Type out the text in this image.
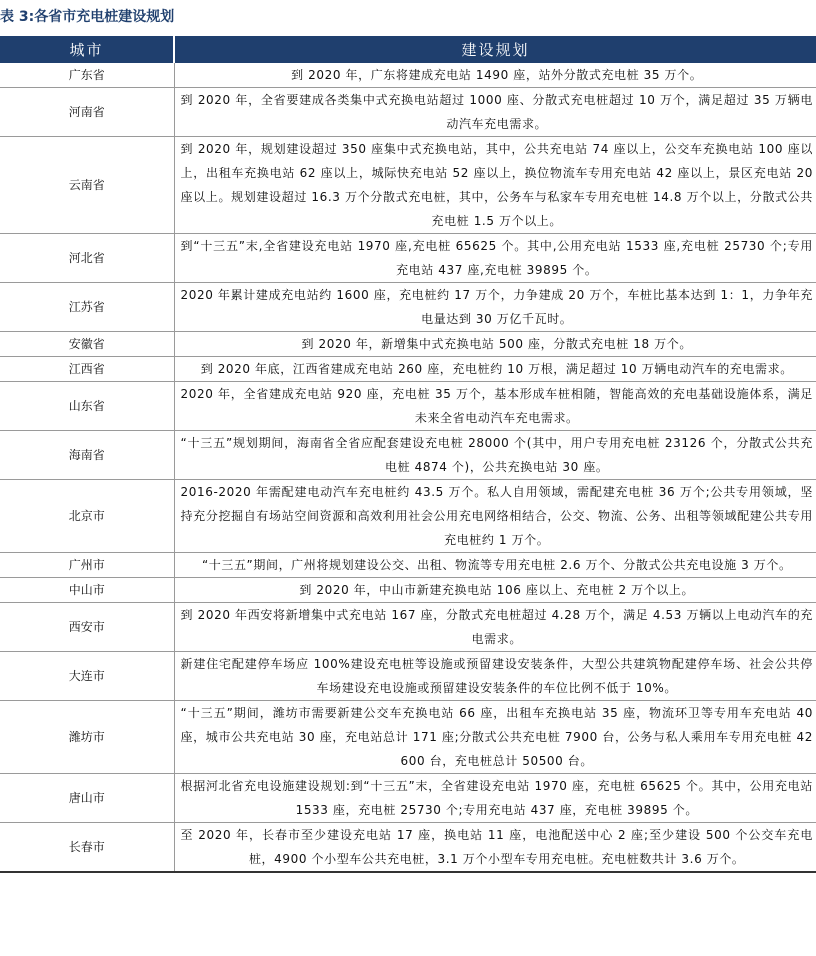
表 3:各省市充电桩建设规划
城市	建设规划
广东省	到 2020 年，广东将建成充电站 1490 座，站外分散式充电桩 35 万个。
河南省	到 2020 年，全省要建成各类集中式充换电站超过 1000 座、分散式充电桩超过 10 万个，满足超过 35 万辆电动汽车充电需求。
云南省	到 2020 年，规划建设超过 350 座集中式充换电站，其中，公共充电站 74 座以上，公交车充换电站 100 座以上，出租车充换电站 62 座以上，城际快充电站 52 座以上，换位物流车专用充电站 42 座以上，景区充电站 20 座以上。规划建设超过 16.3 万个分散式充电桩，其中，公务车与私家车专用充电桩 14.8 万个以上，分散式公共充电桩 1.5 万个以上。
河北省	到“十三五”末,全省建设充电站 1970 座,充电桩 65625 个。其中,公用充电站 1533 座,充电桩 25730 个;专用充电站 437 座,充电桩 39895 个。
江苏省	2020 年累计建成充电站约 1600 座，充电桩约 17 万个，力争建成 20 万个，车桩比基本达到 1：1，力争年充电量达到 30 万亿千瓦时。
安徽省	到 2020 年，新增集中式充换电站 500 座，分散式充电桩 18 万个。
江西省	到 2020 年底，江西省建成充电站 260 座，充电桩约 10 万根，满足超过 10 万辆电动汽车的充电需求。
山东省	2020 年，全省建成充电站 920 座，充电桩 35 万个，基本形成车桩相随，智能高效的充电基础设施体系，满足未来全省电动汽车充电需求。
海南省	“十三五”规划期间，海南省全省应配套建设充电桩 28000 个(其中，用户专用充电桩 23126 个，分散式公共充电桩 4874 个)，公共充换电站 30 座。
北京市	2016-2020 年需配建电动汽车充电桩约 43.5 万个。私人自用领域，需配建充电桩 36 万个;公共专用领域，坚持充分挖掘自有场站空间资源和高效利用社会公用充电网络相结合，公交、物流、公务、出租等领域配建公共专用充电桩约 1 万个。
广州市	“十三五”期间，广州将规划建设公交、出租、物流等专用充电桩 2.6 万个、分散式公共充电设施 3 万个。
中山市	到 2020 年，中山市新建充换电站 106 座以上、充电桩 2 万个以上。
西安市	到 2020 年西安将新增集中式充电站 167 座，分散式充电桩超过 4.28 万个，满足 4.53 万辆以上电动汽车的充电需求。
大连市	新建住宅配建停车场应 100%建设充电桩等设施或预留建设安装条件，大型公共建筑物配建停车场、社会公共停车场建设充电设施或预留建设安装条件的车位比例不低于 10%。
潍坊市	“十三五”期间，潍坊市需要新建公交车充换电站 66 座，出租车充换电站 35 座，物流环卫等专用车充电站 40 座，城市公共充电站 30 座，充电站总计 171 座;分散式公共充电桩 7900 台，公务与私人乘用车专用充电桩 42600 台，充电桩总计 50500 台。
唐山市	根据河北省充电设施建设规划:到“十三五”末，全省建设充电站 1970 座，充电桩 65625 个。其中，公用充电站 1533 座，充电桩 25730 个;专用充电站 437 座，充电桩 39895 个。
长春市	至 2020 年，长春市至少建设充电站 17 座，换电站 11 座，电池配送中心 2 座;至少建设 500 个公交车充电桩，4900 个小型车公共充电桩，3.1 万个小型车专用充电桩。充电桩数共计 3.6 万个。
